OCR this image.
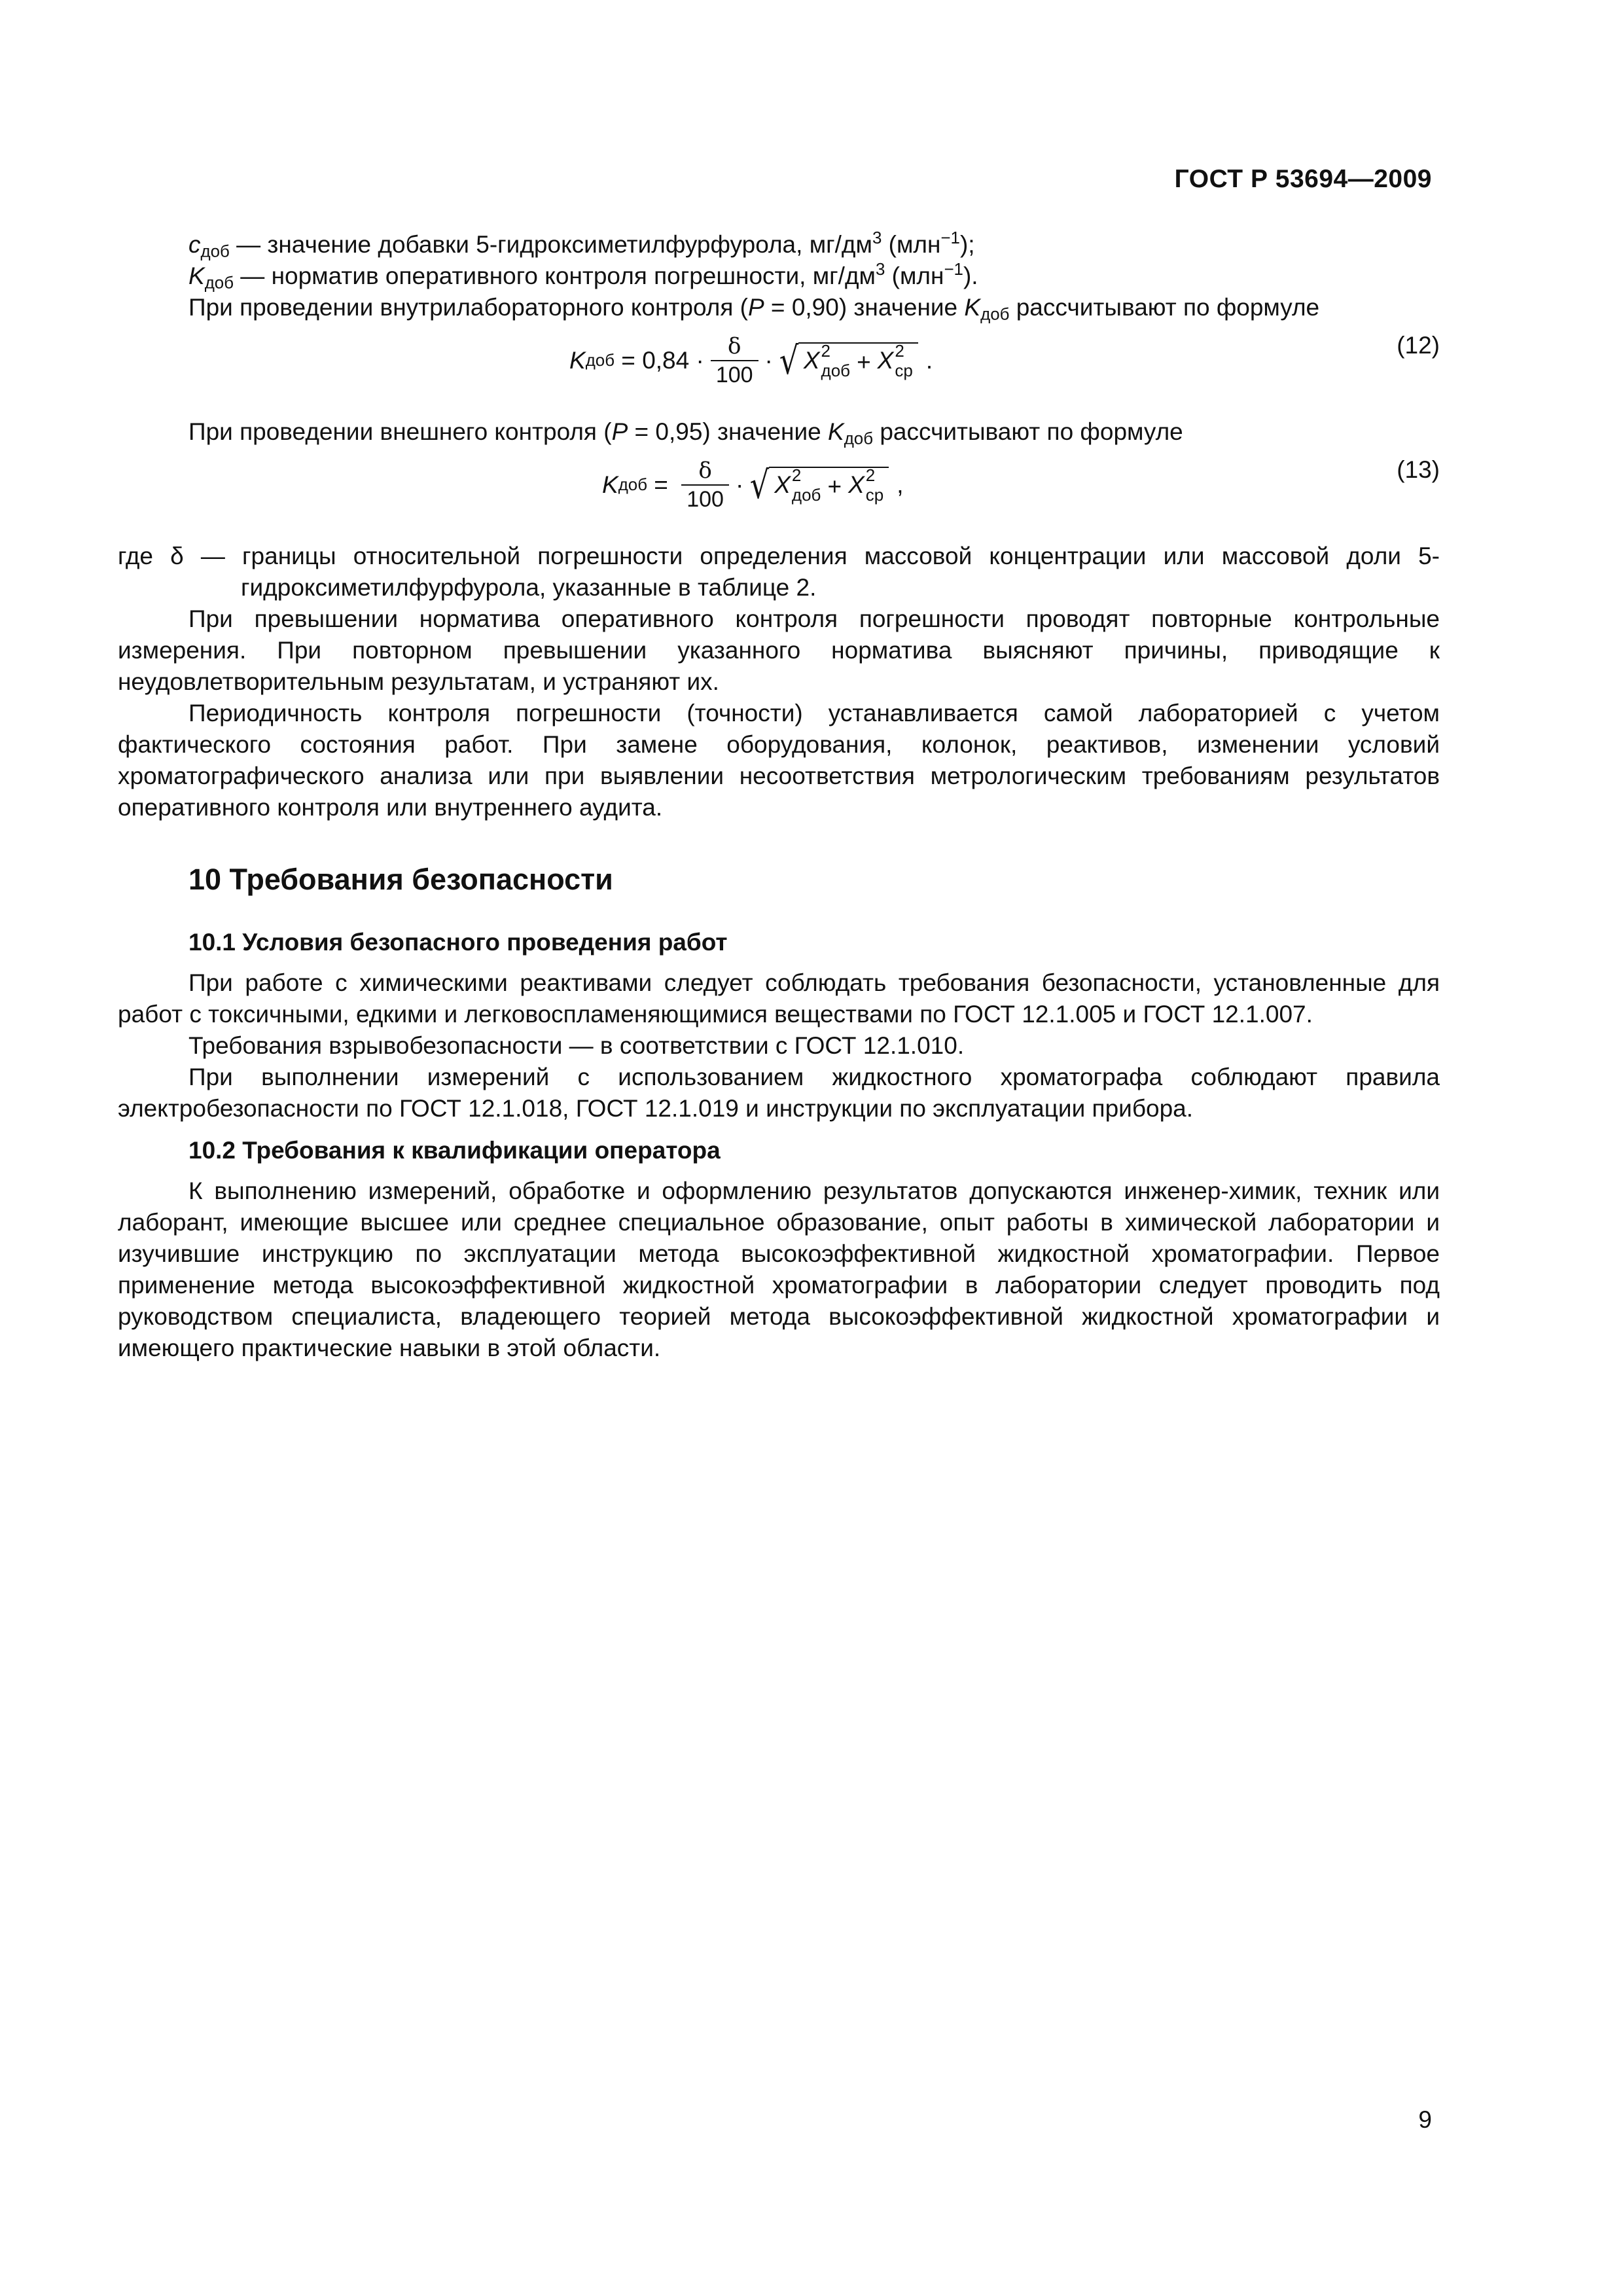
ГОСТ Р 53694—2009

$c_{доб}$ — значение добавки 5-гидроксиметилфурфурола, $мг/дм^3$ (млн$^{-1}$);

$K_{доб}$ — норматив оперативного контроля погрешности, $мг/дм^3$ (млн$^{-1}$).

При проведении внутрилабораторного контроля (P = 0,90) значение $K_{доб}$ рассчитывают по формуле

K доб = $0,84 \cdot \frac{\delta}{100}$ · √ X 2
доб + X 2
ср .
(12)

При проведении внешнего контроля (P = 0,95) значение $K_{доб}$ рассчитывают по формуле

K доб = $\frac{\delta}{100}$ · √ X 2
доб + X 2
ср ,
(13)

где δ — границы относительной погрешности определения массовой концентрации или массовой доли 5-гидроксиметилфурфурола, указанные в таблице 2.

При превышении норматива оперативного контроля погрешности проводят повторные контрольные измерения. При повторном превышении указанного норматива выясняют причины, приводящие к неудовлетворительным результатам, и устраняют их.

Периодичность контроля погрешности (точности) устанавливается самой лабораторией с учетом фактического состояния работ. При замене оборудования, колонок, реактивов, изменении условий хроматографического анализа или при выявлении несоответствия метрологическим требованиям результатов оперативного контроля или внутреннего аудита.

10 Требования безопасности
10.1 Условия безопасного проведения работ

При работе с химическими реактивами следует соблюдать требования безопасности, установленные для работ с токсичными, едкими и легковоспламеняющимися веществами по ГОСТ 12.1.005 и ГОСТ 12.1.007.

Требования взрывобезопасности — в соответствии с ГОСТ 12.1.010.

При выполнении измерений с использованием жидкостного хроматографа соблюдают правила электробезопасности по ГОСТ 12.1.018, ГОСТ 12.1.019 и инструкции по эксплуатации прибора.

10.2 Требования к квалификации оператора

К выполнению измерений, обработке и оформлению результатов допускаются инженер-химик, техник или лаборант, имеющие высшее или среднее специальное образование, опыт работы в химической лаборатории и изучившие инструкцию по эксплуатации метода высокоэффективной жидкостной хроматографии. Первое применение метода высокоэффективной жидкостной хроматографии в лаборатории следует проводить под руководством специалиста, владеющего теорией метода высокоэффективной жидкостной хроматографии и имеющего практические навыки в этой области.

9
